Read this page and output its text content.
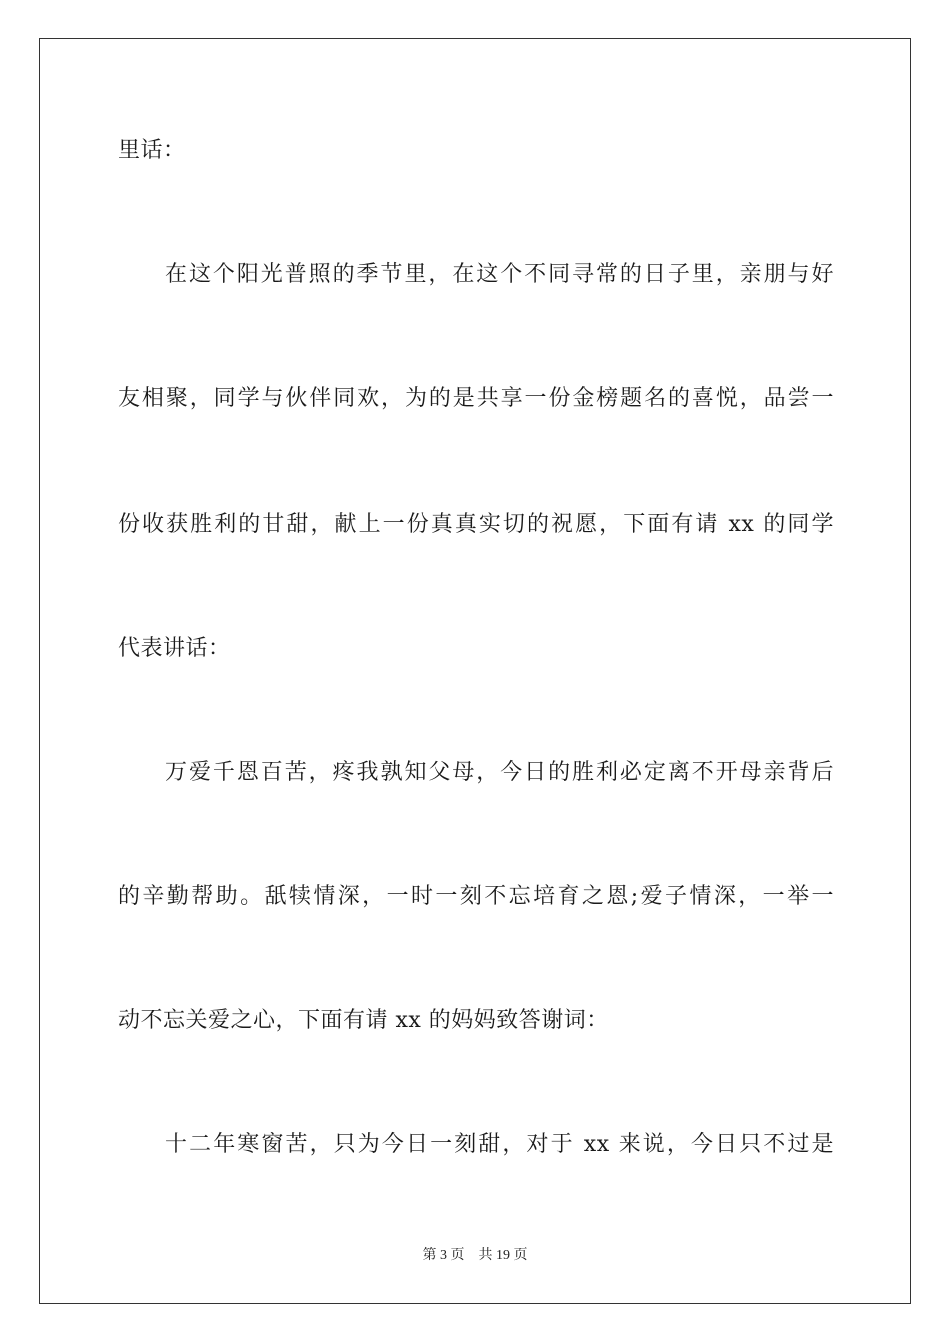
里话：
在这个阳光普照的季节里，在这个不同寻常的日子里，亲朋与好
友相聚，同学与伙伴同欢，为的是共享一份金榜题名的喜悦，品尝一
份收获胜利的甘甜，献上一份真真实切的祝愿，下面有请 xx 的同学
代表讲话：
万爱千恩百苦，疼我孰知父母，今日的胜利必定离不开母亲背后
的辛勤帮助。舐犊情深，一时一刻不忘培育之恩;爱子情深，一举一
动不忘关爱之心，下面有请 xx 的妈妈致答谢词：
十二年寒窗苦，只为今日一刻甜，对于 xx 来说，今日只不过是
第 3 页 共 19 页
